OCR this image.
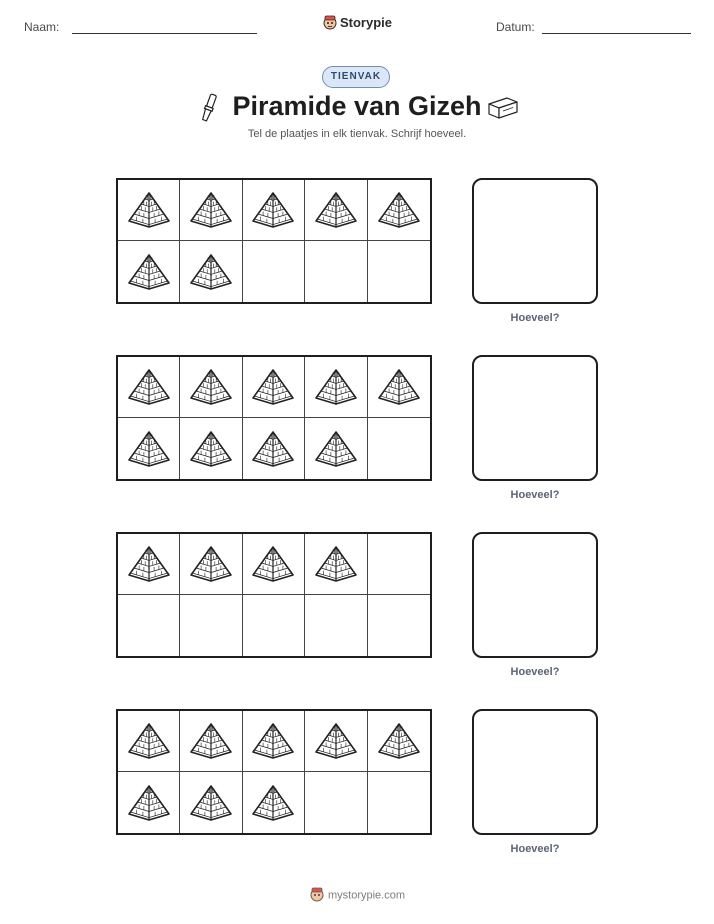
Naam:	Storypie	Datum:
TIENVAK
Piramide van Gizeh
Tel de plaatjes in elk tienvak. Schrijf hoeveel.
Hoeveel?
Hoeveel?
Hoeveel?
Hoeveel?
mystorypie.com
